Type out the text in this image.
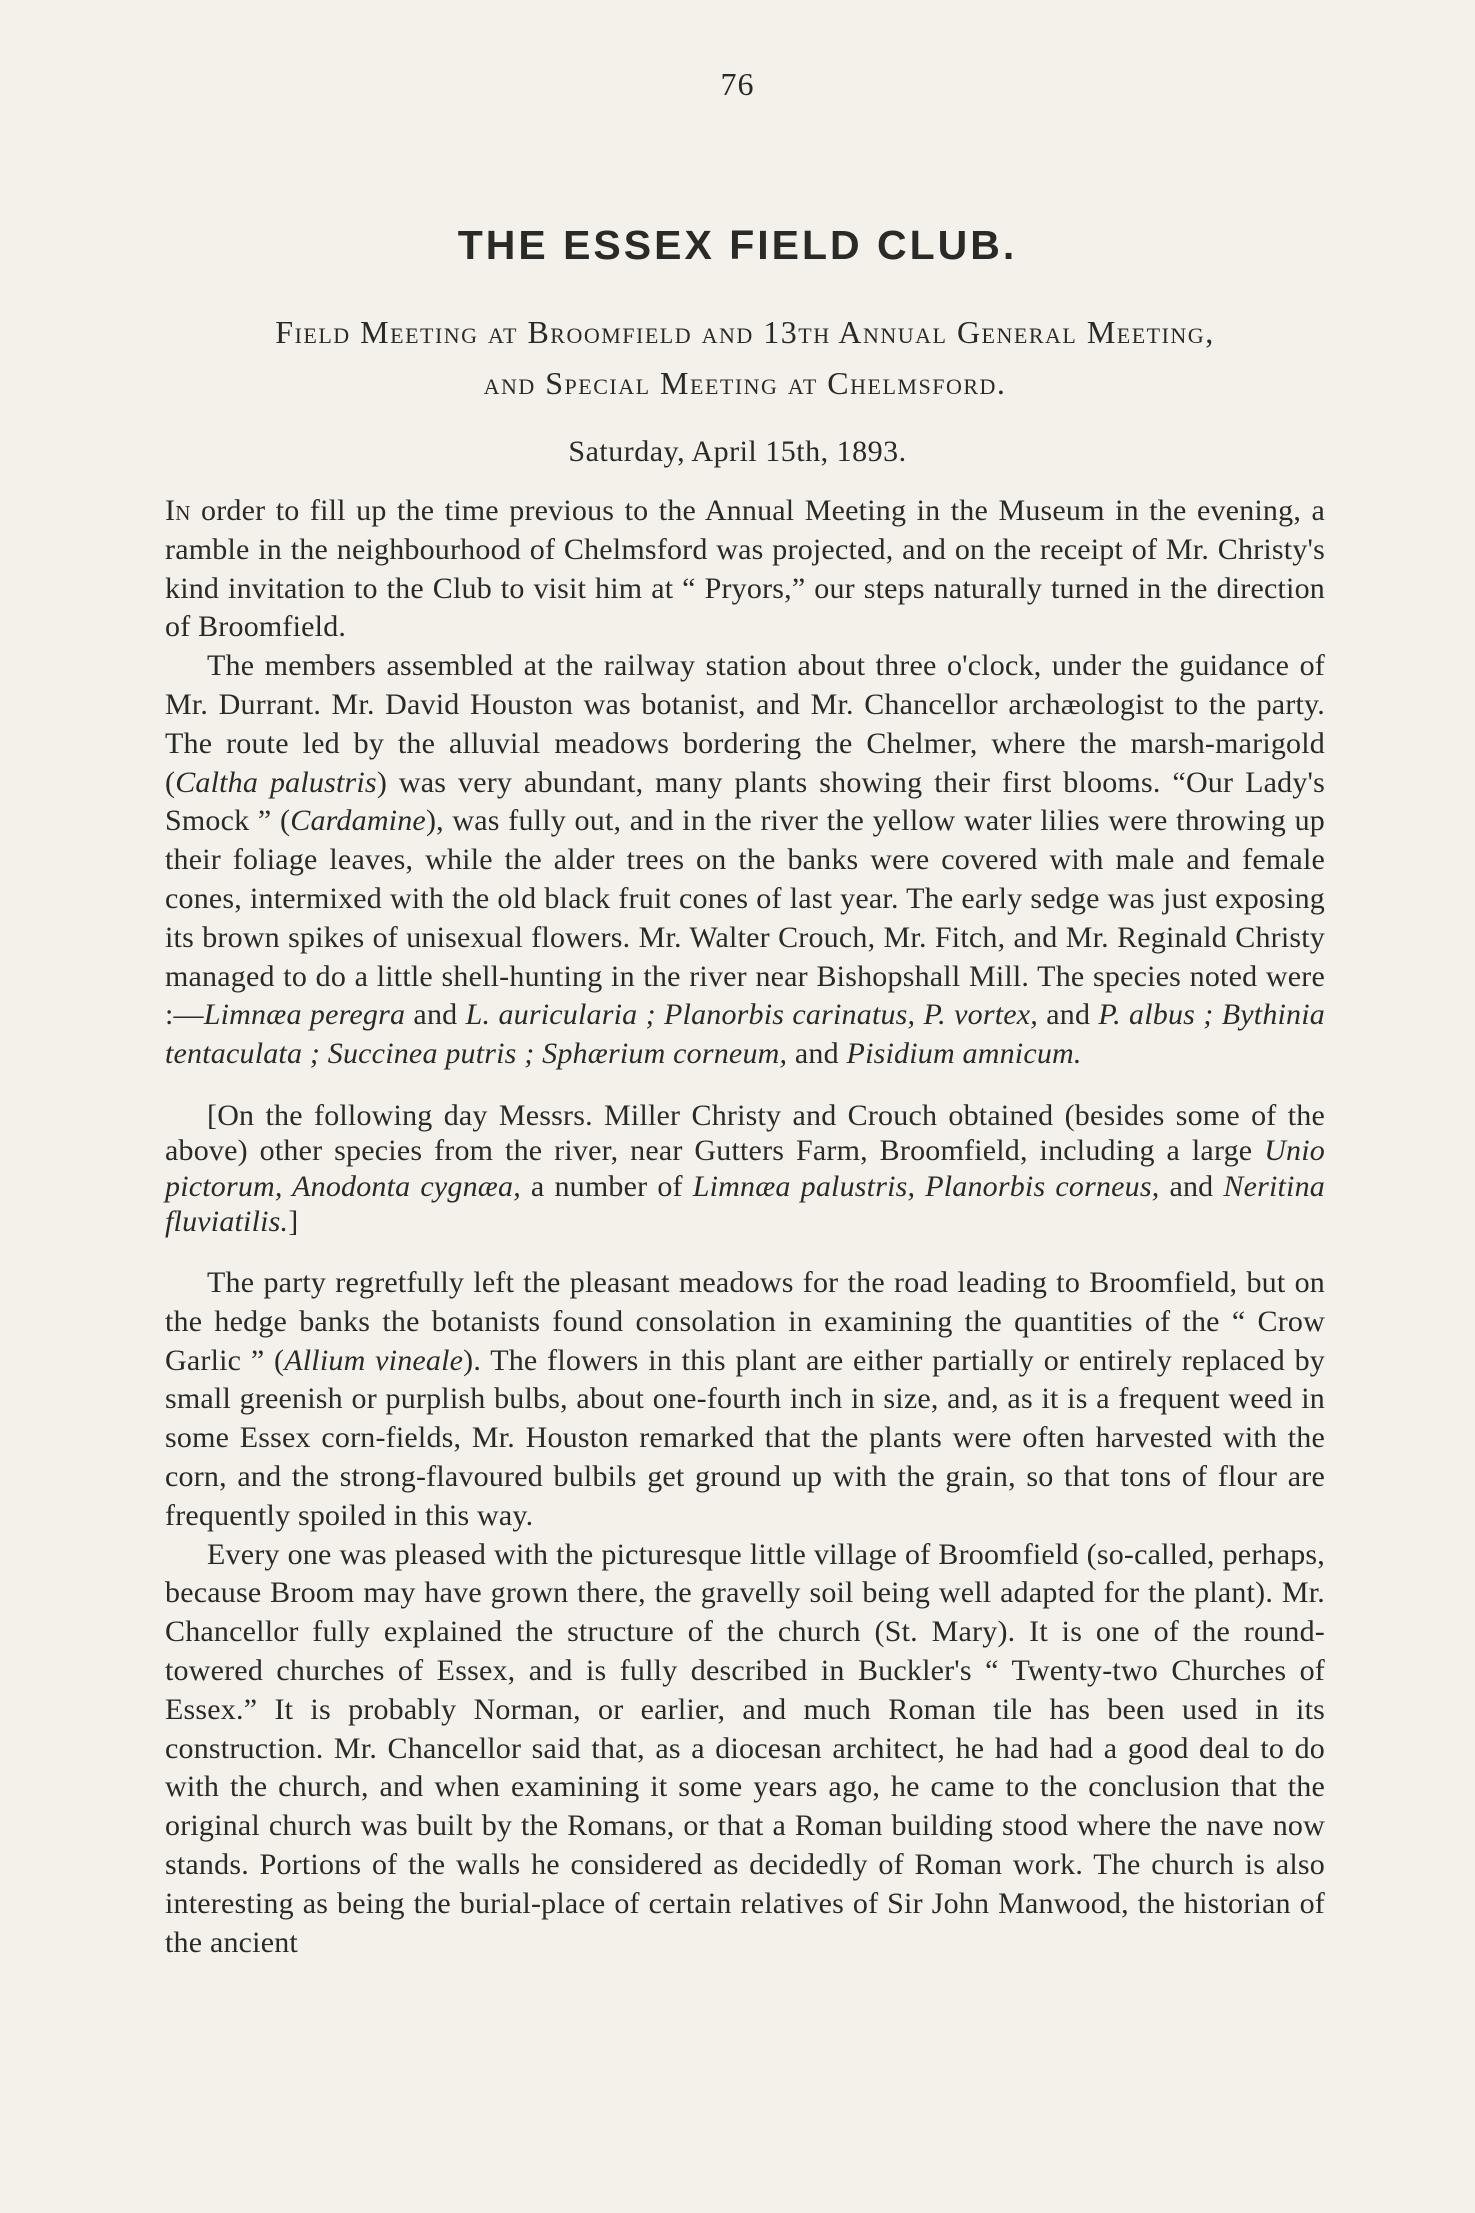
76
THE ESSEX FIELD CLUB.
Field Meeting at Broomfield and 13th Annual General Meeting,
and Special Meeting at Chelmsford.
Saturday, April 15th, 1893.

In order to fill up the time previous to the Annual Meeting in the Museum in the evening, a ramble in the neighbourhood of Chelmsford was projected, and on the receipt of Mr. Christy's kind invitation to the Club to visit him at “ Pryors,” our steps naturally turned in the direction of Broomfield.

The members assembled at the railway station about three o'clock, under the guidance of Mr. Durrant. Mr. David Houston was botanist, and Mr. Chancellor archæologist to the party. The route led by the alluvial meadows bordering the Chelmer, where the marsh-marigold (Caltha palustris) was very abundant, many plants showing their first blooms. “Our Lady's Smock ” (Cardamine), was fully out, and in the river the yellow water lilies were throwing up their foliage leaves, while the alder trees on the banks were covered with male and female cones, intermixed with the old black fruit cones of last year. The early sedge was just exposing its brown spikes of unisexual flowers. Mr. Walter Crouch, Mr. Fitch, and Mr. Reginald Christy managed to do a little shell-hunting in the river near Bishopshall Mill. The species noted were :—Limnæa peregra and L. auricularia ; Planorbis carinatus, P. vortex, and P. albus ; Bythinia tentaculata ; Succinea putris ; Sphærium corneum, and Pisidium amnicum.

[On the following day Messrs. Miller Christy and Crouch obtained (besides some of the above) other species from the river, near Gutters Farm, Broomfield, including a large Unio pictorum, Anodonta cygnæa, a number of Limnæa palustris, Planorbis corneus, and Neritina fluviatilis.]

The party regretfully left the pleasant meadows for the road leading to Broomfield, but on the hedge banks the botanists found consolation in examining the quantities of the “ Crow Garlic ” (Allium vineale). The flowers in this plant are either partially or entirely replaced by small greenish or purplish bulbs, about one-fourth inch in size, and, as it is a frequent weed in some Essex corn-fields, Mr. Houston remarked that the plants were often harvested with the corn, and the strong-flavoured bulbils get ground up with the grain, so that tons of flour are frequently spoiled in this way.

Every one was pleased with the picturesque little village of Broomfield (so-called, perhaps, because Broom may have grown there, the gravelly soil being well adapted for the plant). Mr. Chancellor fully explained the structure of the church (St. Mary). It is one of the round-towered churches of Essex, and is fully described in Buckler's “ Twenty-two Churches of Essex.” It is probably Norman, or earlier, and much Roman tile has been used in its construction. Mr. Chancellor said that, as a diocesan architect, he had had a good deal to do with the church, and when examining it some years ago, he came to the conclusion that the original church was built by the Romans, or that a Roman building stood where the nave now stands. Portions of the walls he considered as decidedly of Roman work. The church is also interesting as being the burial-place of certain relatives of Sir John Manwood, the historian of the ancient
